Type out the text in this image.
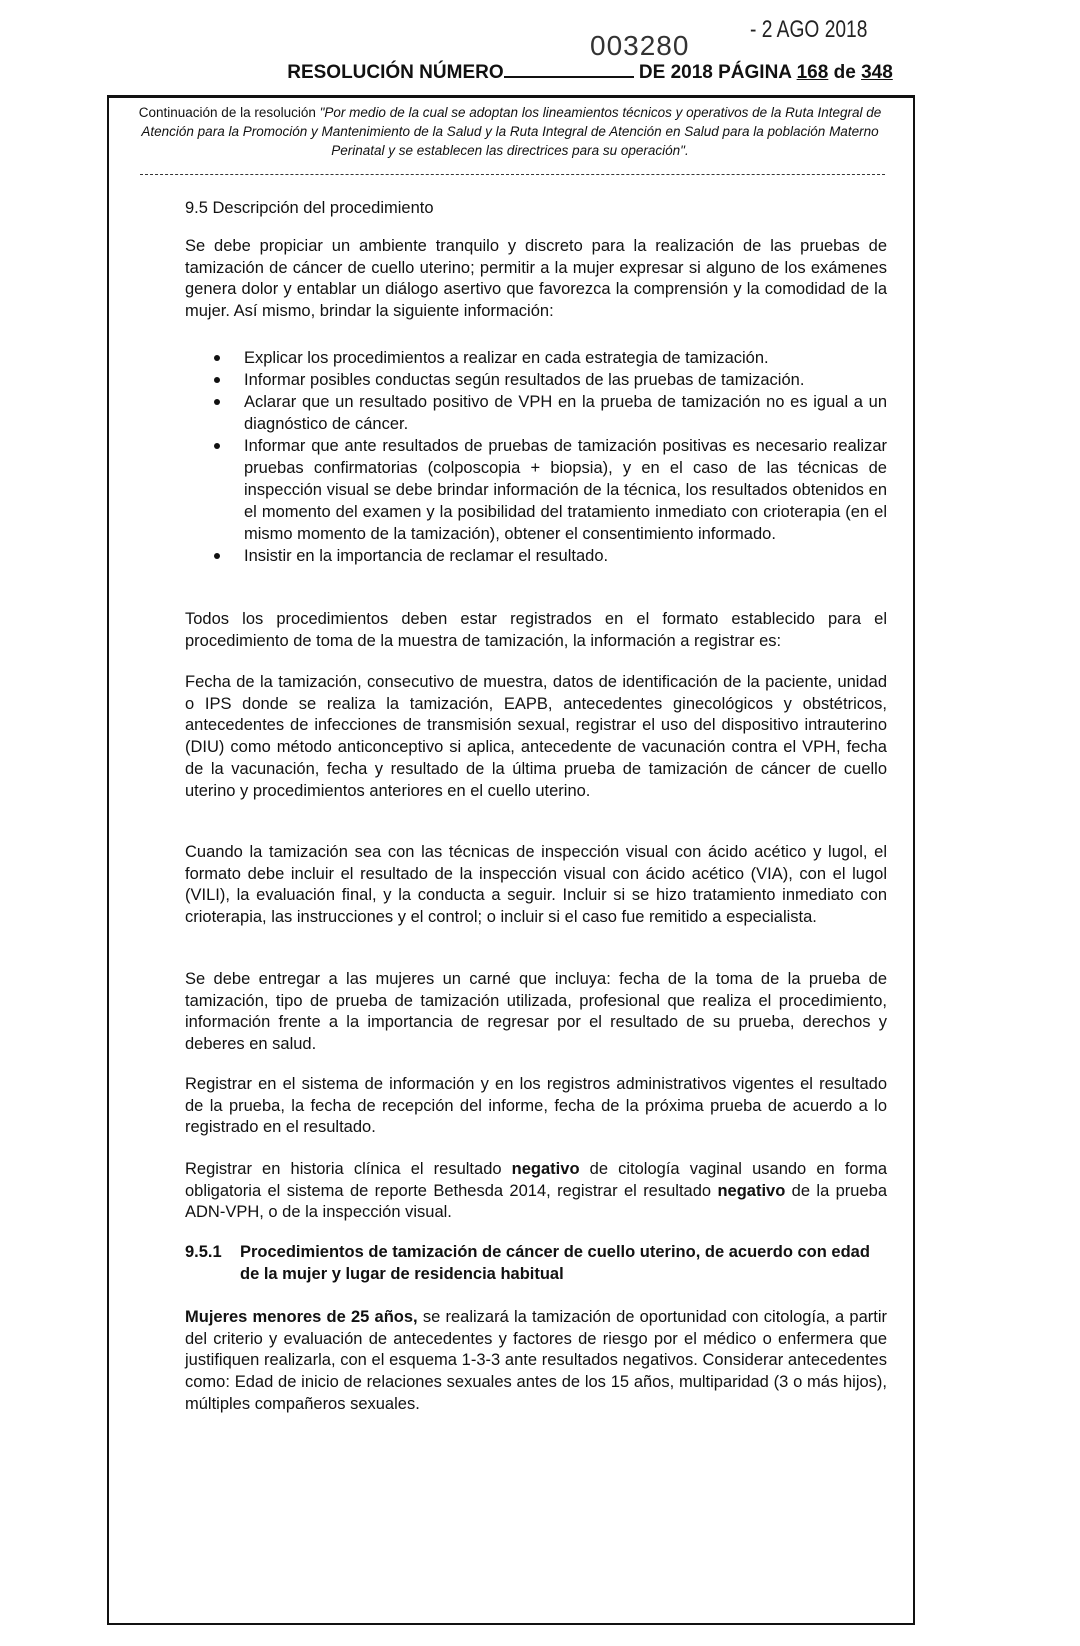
003280
- 2 AGO 2018
RESOLUCIÓN NÚMERO	DE 2018 PÁGINA 168 de 348
Continuación de la resolución "Por medio de la cual se adoptan los lineamientos técnicos y operativos de la Ruta Integral de Atención para la Promoción y Mantenimiento de la Salud y la Ruta Integral de Atención en Salud para la población Materno Perinatal y se establecen las directrices para su operación".
9.5 Descripción del procedimiento
Se debe propiciar un ambiente tranquilo y discreto para la realización de las pruebas de tamización de cáncer de cuello uterino; permitir a la mujer expresar si alguno de los exámenes genera dolor y entablar un diálogo asertivo que favorezca la comprensión y la comodidad de la mujer. Así mismo, brindar la siguiente información:
Explicar los procedimientos a realizar en cada estrategia de tamización.
Informar posibles conductas según resultados de las pruebas de tamización.
Aclarar que un resultado positivo de VPH en la prueba de tamización no es igual a un diagnóstico de cáncer.
Informar que ante resultados de pruebas de tamización positivas es necesario realizar pruebas confirmatorias (colposcopia + biopsia), y en el caso de las técnicas de inspección visual se debe brindar información de la técnica, los resultados obtenidos en el momento del examen y la posibilidad del tratamiento inmediato con crioterapia (en el mismo momento de la tamización), obtener el consentimiento informado.
Insistir en la importancia de reclamar el resultado.
Todos los procedimientos deben estar registrados en el formato establecido para el procedimiento de toma de la muestra de tamización, la información a registrar es:
Fecha de la tamización, consecutivo de muestra, datos de identificación de la paciente, unidad o IPS donde se realiza la tamización, EAPB, antecedentes ginecológicos y obstétricos, antecedentes de infecciones de transmisión sexual, registrar el uso del dispositivo intrauterino (DIU) como método anticonceptivo si aplica, antecedente de vacunación contra el VPH, fecha de la vacunación, fecha y resultado de la última prueba de tamización de cáncer de cuello uterino y procedimientos anteriores en el cuello uterino.
Cuando la tamización sea con las técnicas de inspección visual con ácido acético y lugol, el formato debe incluir el resultado de la inspección visual con ácido acético (VIA), con el lugol (VILI), la evaluación final, y la conducta a seguir. Incluir si se hizo tratamiento inmediato con crioterapia, las instrucciones y el control; o incluir si el caso fue remitido a especialista.
Se debe entregar a las mujeres un carné que incluya: fecha de la toma de la prueba de tamización, tipo de prueba de tamización utilizada, profesional que realiza el procedimiento, información frente a la importancia de regresar por el resultado de su prueba, derechos y deberes en salud.
Registrar en el sistema de información y en los registros administrativos vigentes el resultado de la prueba, la fecha de recepción del informe, fecha de la próxima prueba de acuerdo a lo registrado en el resultado.
Registrar en historia clínica el resultado negativo de citología vaginal usando en forma obligatoria el sistema de reporte Bethesda 2014, registrar el resultado negativo de la prueba ADN-VPH, o de la inspección visual.
9.5.1	Procedimientos de tamización de cáncer de cuello uterino, de acuerdo con edad de la mujer y lugar de residencia habitual
Mujeres menores de 25 años, se realizará la tamización de oportunidad con citología, a partir del criterio y evaluación de antecedentes y factores de riesgo por el médico o enfermera que justifiquen realizarla, con el esquema 1-3-3 ante resultados negativos. Considerar antecedentes como: Edad de inicio de relaciones sexuales antes de los 15 años, multiparidad (3 o más hijos), múltiples compañeros sexuales.
